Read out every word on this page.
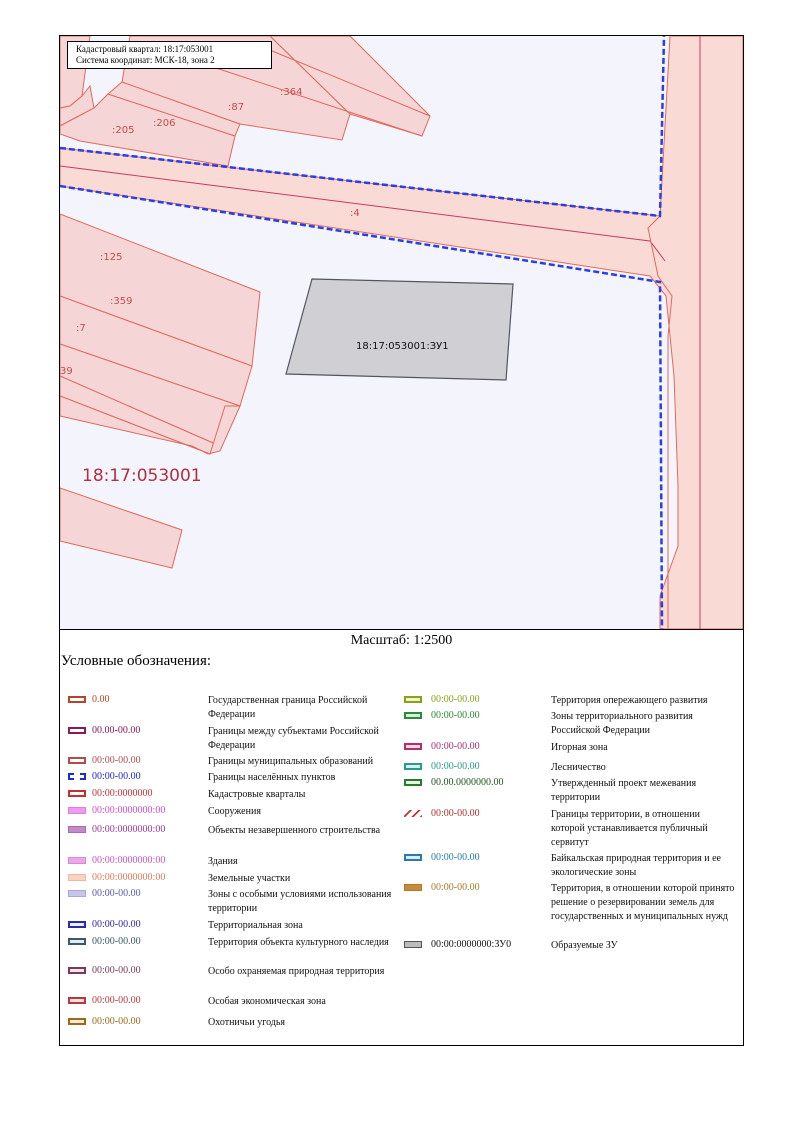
:364
:87
:206
:205
:4
:125
:359
:7
39
18:17:053001:ЗУ1
18:17:053001
Кадастровый квартал: 18:17:053001
Система координат: МСК-18, зона 2
Масштаб: 1:2500
Условные обозначения:
0.00	Государственная граница Российской Федерации
00.00-00.00	Границы между субъектами Российской Федерации
00:00-00.00	Границы муниципальных образований
00:00-00.00	Границы населённых пунктов
00:00:0000000	Кадастровые кварталы
00:00:0000000:00	Сооружения
00:00:0000000:00	Объекты незавершенного строительства
00:00:0000000:00	Здания
00:00:0000000:00	Земельные участки
00:00-00.00	Зоны с особыми условиями использования территории
00:00-00.00	Территориальная зона
00:00-00.00	Территория объекта культурного наследия
00:00-00.00	Особо охраняемая природная территория
00:00-00.00	Особая экономическая зона
00:00-00.00	Охотничьи угодья
00:00-00.00	Территория опережающего развития
00:00-00.00	Зоны территориального развития Российской Федерации
00:00-00.00	Игорная зона
00:00-00.00	Лесничество
00.00.0000000.00	Утвержденный проект межевания территории
00:00-00.00	Границы территории, в отношении которой устанавливается публичный сервитут
00:00-00.00	Байкальская природная территория и ее экологические зоны
00:00-00.00	Территория, в отношении которой принято решение о резервировании земель для государственных и муниципальных нужд
00:00:0000000:ЗУ0	Образуемые ЗУ
